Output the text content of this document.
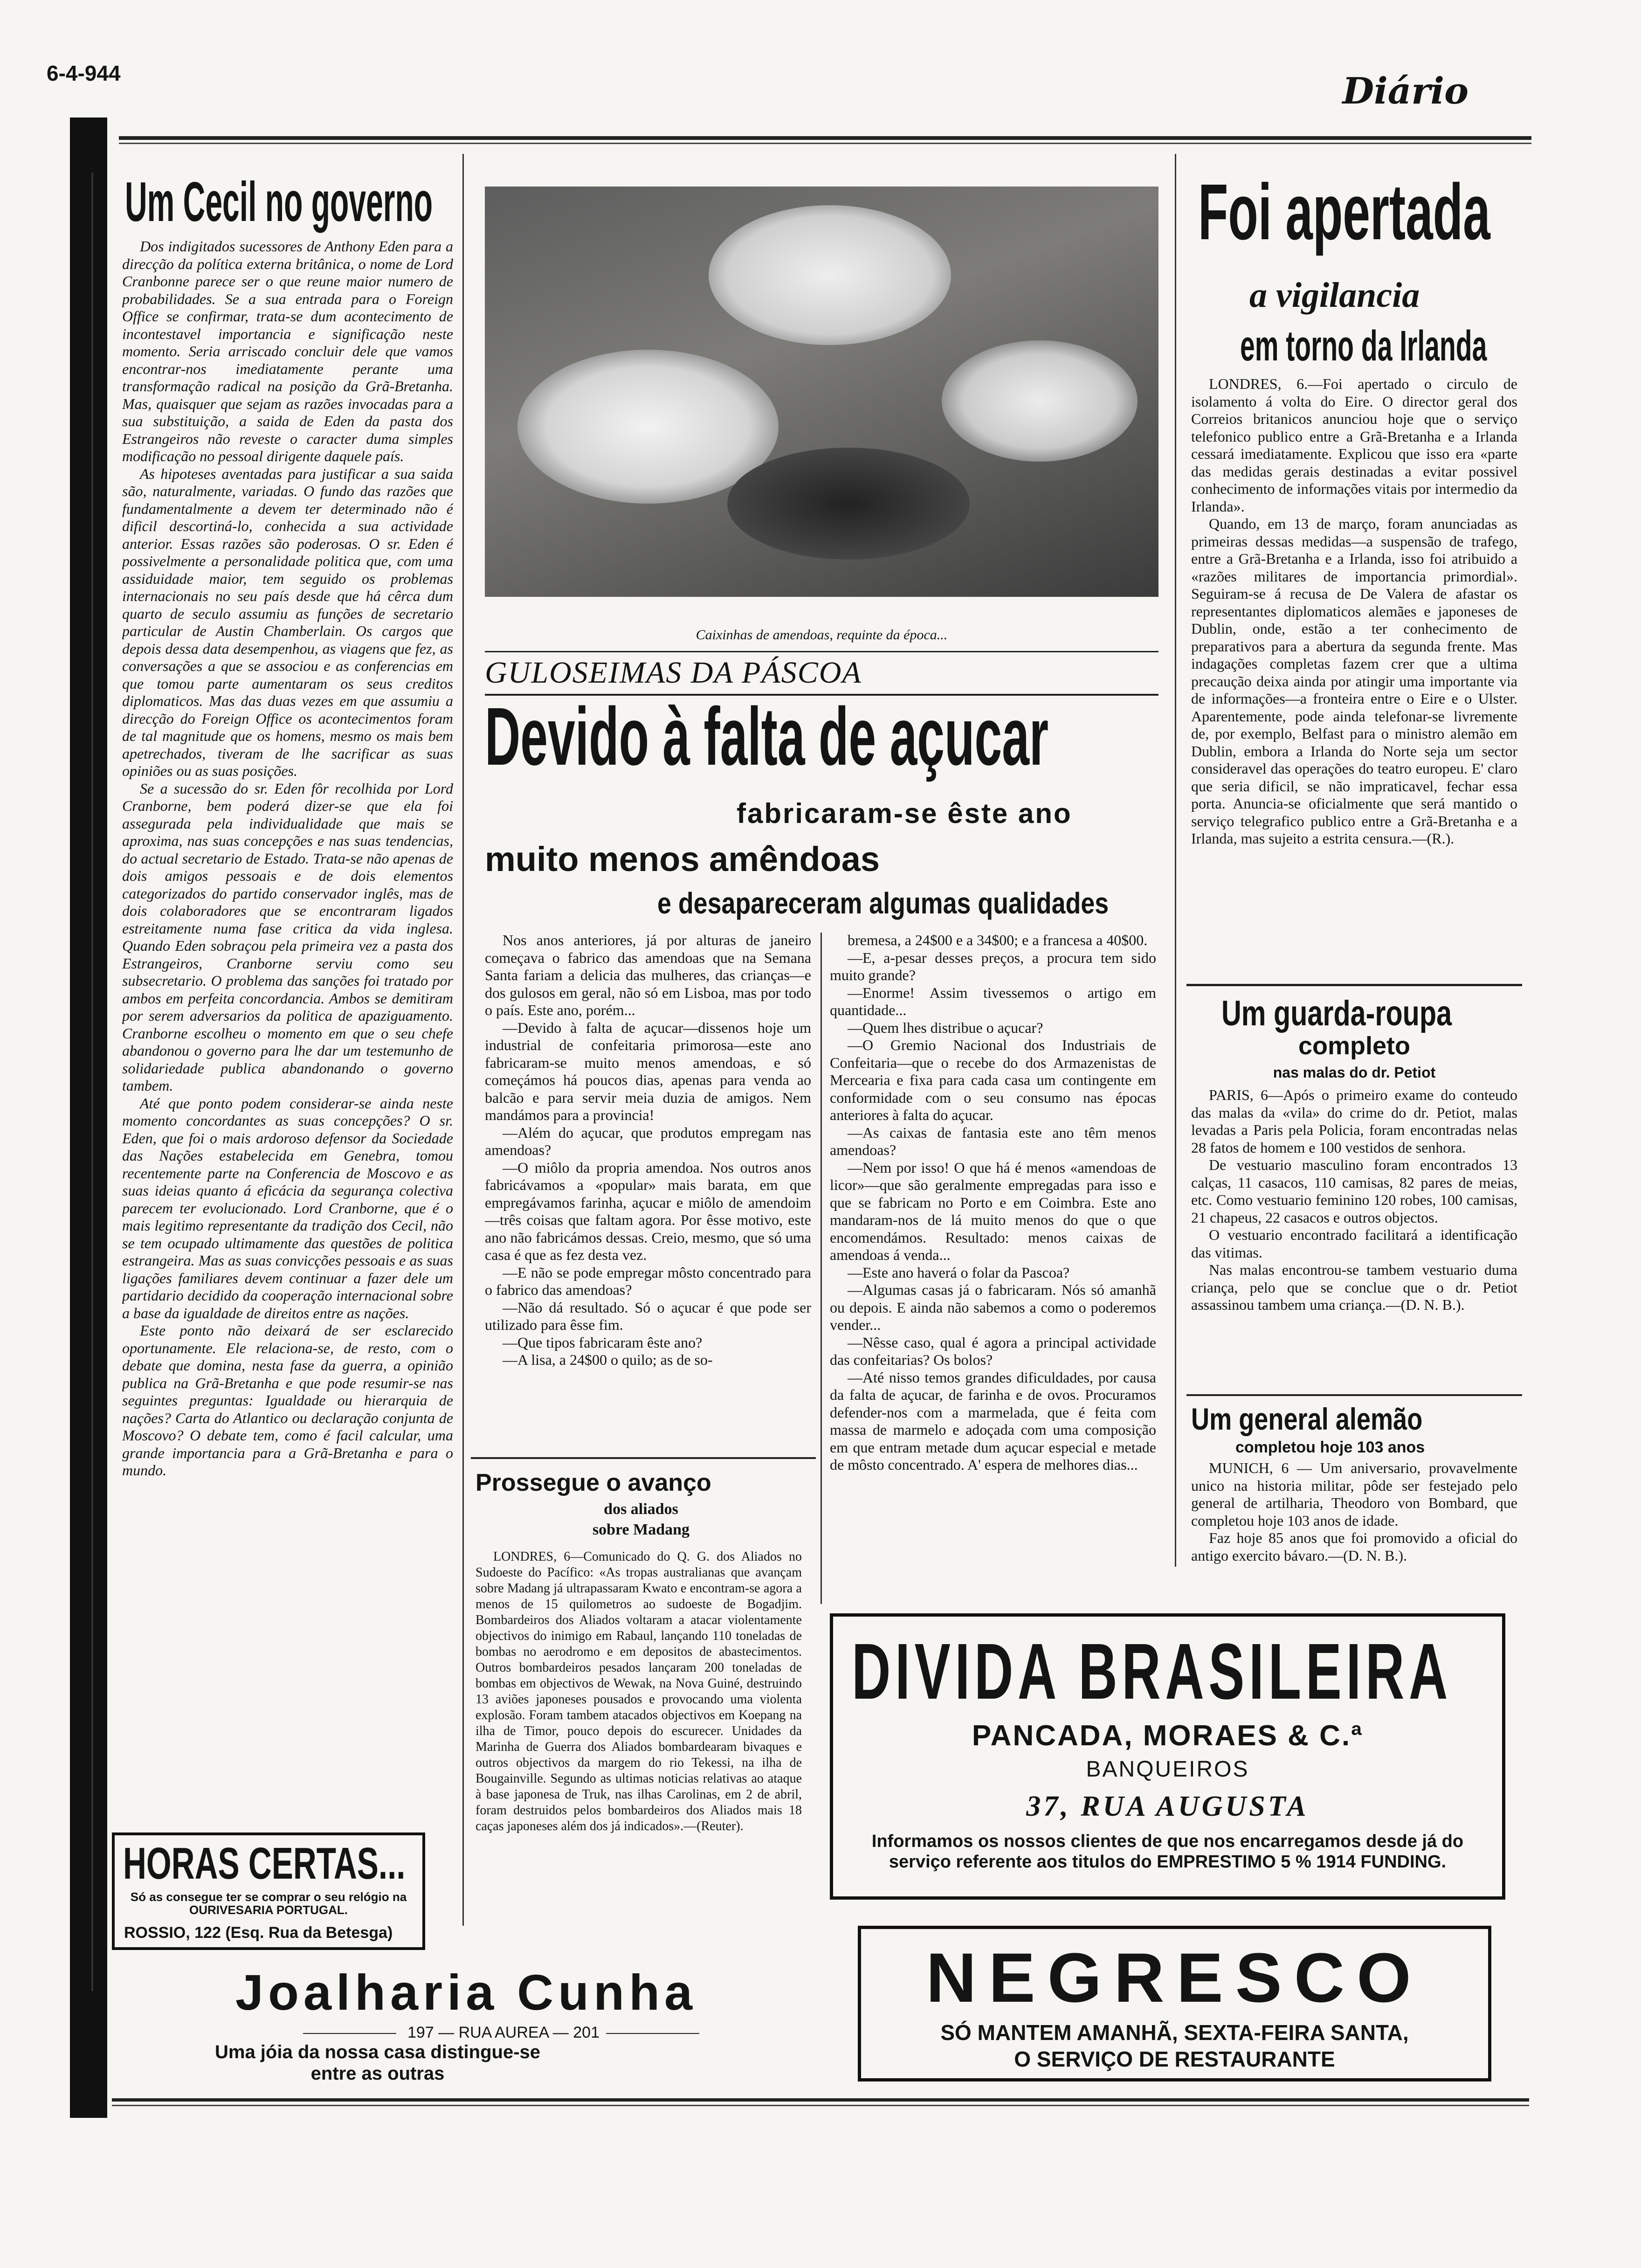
6-4-944	Diário
Um Cecil no governo

Dos indigitados sucessores de Anthony Eden para a direcção da política externa britânica, o nome de Lord Cranbonne parece ser o que reune maior numero de probabilidades. Se a sua entrada para o Foreign Office se confirmar, trata-se dum acontecimento de incontestavel importancia e significação neste momento. Seria arriscado concluir dele que vamos encontrar-nos imediatamente perante uma transformação radical na posição da Grã-Bretanha. Mas, quaisquer que sejam as razões invocadas para a sua substituição, a saida de Eden da pasta dos Estrangeiros não reveste o caracter duma simples modificação no pessoal dirigente daquele país.

As hipoteses aventadas para justificar a sua saida são, naturalmente, variadas. O fundo das razões que fundamentalmente a devem ter determinado não é dificil descortiná-lo, conhecida a sua actividade anterior. Essas razões são poderosas. O sr. Eden é possivelmente a personalidade politica que, com uma assiduidade maior, tem seguido os problemas internacionais no seu país desde que há cêrca dum quarto de seculo assumiu as funções de secretario particular de Austin Chamberlain. Os cargos que depois dessa data desempenhou, as viagens que fez, as conversações a que se associou e as conferencias em que tomou parte aumentaram os seus creditos diplomaticos. Mas das duas vezes em que assumiu a direcção do Foreign Office os acontecimentos foram de tal magnitude que os homens, mesmo os mais bem apetrechados, tiveram de lhe sacrificar as suas opiniões ou as suas posições.

Se a sucessão do sr. Eden fôr recolhida por Lord Cranborne, bem poderá dizer-se que ela foi assegurada pela individualidade que mais se aproxima, nas suas concepções e nas suas tendencias, do actual secretario de Estado. Trata-se não apenas de dois amigos pessoais e de dois elementos categorizados do partido conservador inglês, mas de dois colaboradores que se encontraram ligados estreitamente numa fase critica da vida inglesa. Quando Eden sobraçou pela primeira vez a pasta dos Estrangeiros, Cranborne serviu como seu subsecretario. O problema das sanções foi tratado por ambos em perfeita concordancia. Ambos se demitiram por serem adversarios da politica de apaziguamento. Cranborne escolheu o momento em que o seu chefe abandonou o governo para lhe dar um testemunho de solidariedade publica abandonando o governo tambem.

Até que ponto podem considerar-se ainda neste momento concordantes as suas concepções? O sr. Eden, que foi o mais ardoroso defensor da Sociedade das Nações estabelecida em Genebra, tomou recentemente parte na Conferencia de Moscovo e as suas ideias quanto á eficácia da segurança colectiva parecem ter evolucionado. Lord Cranborne, que é o mais legitimo representante da tradição dos Cecil, não se tem ocupado ultimamente das questões de politica estrangeira. Mas as suas convicções pessoais e as suas ligações familiares devem continuar a fazer dele um partidario decidido da cooperação internacional sobre a base da igualdade de direitos entre as nações.

Este ponto não deixará de ser esclarecido oportunamente. Ele relaciona-se, de resto, com o debate que domina, nesta fase da guerra, a opinião publica na Grã-Bretanha e que pode resumir-se nas seguintes preguntas: Igualdade ou hierarquia de nações? Carta do Atlantico ou declaração conjunta de Moscovo? O debate tem, como é facil calcular, uma grande importancia para a Grã-Bretanha e para o mundo.

HORAS CERTAS...
Só as consegue ter se comprar o seu relógio na OURIVESARIA PORTUGAL.
ROSSIO, 122 (Esq. Rua da Betesga)
Joalharia Cunha
197 — RUA AUREA — 201
Uma jóia da nossa casa distingue-se entre as outras
Caixinhas de amendoas, requinte da época...
GULOSEIMAS DA PÁSCOA
Devido à falta de açucar
fabricaram-se êste ano
muito menos amêndoas
e desapareceram algumas qualidades

Nos anos anteriores, já por alturas de janeiro começava o fabrico das amendoas que na Semana Santa fariam a delicia das mulheres, das crianças—e dos gulosos em geral, não só em Lisboa, mas por todo o país. Este ano, porém...

—Devido à falta de açucar—dissenos hoje um industrial de confeitaria primorosa—este ano fabricaram-se muito menos amendoas, e só começámos há poucos dias, apenas para venda ao balcão e para servir meia duzia de amigos. Nem mandámos para a provincia!

—Além do açucar, que produtos empregam nas amendoas?

—O miôlo da propria amendoa. Nos outros anos fabricávamos a «popular» mais barata, em que empregávamos farinha, açucar e miôlo de amendoim—três coisas que faltam agora. Por êsse motivo, este ano não fabricámos dessas. Creio, mesmo, que só uma casa é que as fez desta vez.

—E não se pode empregar môsto concentrado para o fabrico das amendoas?

—Não dá resultado. Só o açucar é que pode ser utilizado para êsse fim.

—Que tipos fabricaram êste ano?

—A lisa, a 24$00 o quilo; as de so-

bremesa, a 24$00 e a 34$00; e a francesa a 40$00.

—E, a-pesar desses preços, a procura tem sido muito grande?

—Enorme! Assim tivessemos o artigo em quantidade...

—Quem lhes distribue o açucar?

—O Gremio Nacional dos Industriais de Confeitaria—que o recebe do dos Armazenistas de Mercearia e fixa para cada casa um contingente em conformidade com o seu consumo nas épocas anteriores à falta do açucar.

—As caixas de fantasia este ano têm menos amendoas?

—Nem por isso! O que há é menos «amendoas de licor»—que são geralmente empregadas para isso e que se fabricam no Porto e em Coimbra. Este ano mandaram-nos de lá muito menos do que o que encomendámos. Resultado: menos caixas de amendoas á venda...

—Este ano haverá o folar da Pascoa?

—Algumas casas já o fabricaram. Nós só amanhã ou depois. E ainda não sabemos a como o poderemos vender...

—Nêsse caso, qual é agora a principal actividade das confeitarias? Os bolos?

—Até nisso temos grandes dificuldades, por causa da falta de açucar, de farinha e de ovos. Procuramos defender-nos com a marmelada, que é feita com massa de marmelo e adoçada com uma composição em que entram metade dum açucar especial e metade de môsto concentrado. A' espera de melhores dias...

Prossegue o avanço
dos aliados
sobre Madang
LONDRES, 6—Comunicado do Q. G. dos Aliados no Sudoeste do Pacífico: «As tropas australianas que avançam sobre Madang já ultrapassaram Kwato e encontram-se agora a menos de 15 quilometros ao sudoeste de Bogadjim. Bombardeiros dos Aliados voltaram a atacar violentamente objectivos do inimigo em Rabaul, lançando 110 toneladas de bombas no aerodromo e em depositos de abastecimentos. Outros bombardeiros pesados lançaram 200 toneladas de bombas em objectivos de Wewak, na Nova Guiné, destruindo 13 aviões japoneses pousados e provocando uma violenta explosão. Foram tambem atacados objectivos em Koepang na ilha de Timor, pouco depois do escurecer. Unidades da Marinha de Guerra dos Aliados bombardearam bivaques e outros objectivos da margem do rio Tekessi, na ilha de Bougainville. Segundo as ultimas noticias relativas ao ataque à base japonesa de Truk, nas ilhas Carolinas, em 2 de abril, foram destruidos pelos bombardeiros dos Aliados mais 18 caças japoneses além dos já indicados».—(Reuter).
Foi apertada
a vigilancia
em torno da Irlanda

LONDRES, 6.—Foi apertado o circulo de isolamento á volta do Eire. O director geral dos Correios britanicos anunciou hoje que o serviço telefonico publico entre a Grã-Bretanha e a Irlanda cessará imediatamente. Explicou que isso era «parte das medidas gerais destinadas a evitar possivel conhecimento de informações vitais por intermedio da Irlanda».

Quando, em 13 de março, foram anunciadas as primeiras dessas medidas—a suspensão de trafego, entre a Grã-Bretanha e a Irlanda, isso foi atribuido a «razões militares de importancia primordial». Seguiram-se á recusa de De Valera de afastar os representantes diplomaticos alemães e japoneses de Dublin, onde, estão a ter conhecimento de preparativos para a abertura da segunda frente. Mas indagações completas fazem crer que a ultima precaução deixa ainda por atingir uma importante via de informações—a fronteira entre o Eire e o Ulster. Aparentemente, pode ainda telefonar-se livremente de, por exemplo, Belfast para o ministro alemão em Dublin, embora a Irlanda do Norte seja um sector consideravel das operações do teatro europeu. E' claro que seria dificil, se não impraticavel, fechar essa porta. Anuncia-se oficialmente que será mantido o serviço telegrafico publico entre a Grã-Bretanha e a Irlanda, mas sujeito a estrita censura.—(R.).

Um guarda-roupa
completo
nas malas do dr. Petiot

PARIS, 6—Após o primeiro exame do conteudo das malas da «vila» do crime do dr. Petiot, malas levadas a Paris pela Policia, foram encontradas nelas 28 fatos de homem e 100 vestidos de senhora.

De vestuario masculino foram encontrados 13 calças, 11 casacos, 110 camisas, 82 pares de meias, etc. Como vestuario feminino 120 robes, 100 camisas, 21 chapeus, 22 casacos e outros objectos.

O vestuario encontrado facilitará a identificação das vitimas.

Nas malas encontrou-se tambem vestuario duma criança, pelo que se conclue que o dr. Petiot assassinou tambem uma criança.—(D. N. B.).

Um general alemão
completou hoje 103 anos

MUNICH, 6 — Um aniversario, provavelmente unico na historia militar, pôde ser festejado pelo general de artilharia, Theodoro von Bombard, que completou hoje 103 anos de idade.

Faz hoje 85 anos que foi promovido a oficial do antigo exercito bávaro.—(D. N. B.).

DIVIDA BRASILEIRA
PANCADA, MORAES & C.ª
BANQUEIROS
37, RUA AUGUSTA
Informamos os nossos clientes de que nos encarregamos desde já do serviço referente aos titulos do EMPRESTIMO 5 % 1914 FUNDING.
NEGRESCO
SÓ MANTEM AMANHÃ, SEXTA-FEIRA SANTA,
O SERVIÇO DE RESTAURANTE
